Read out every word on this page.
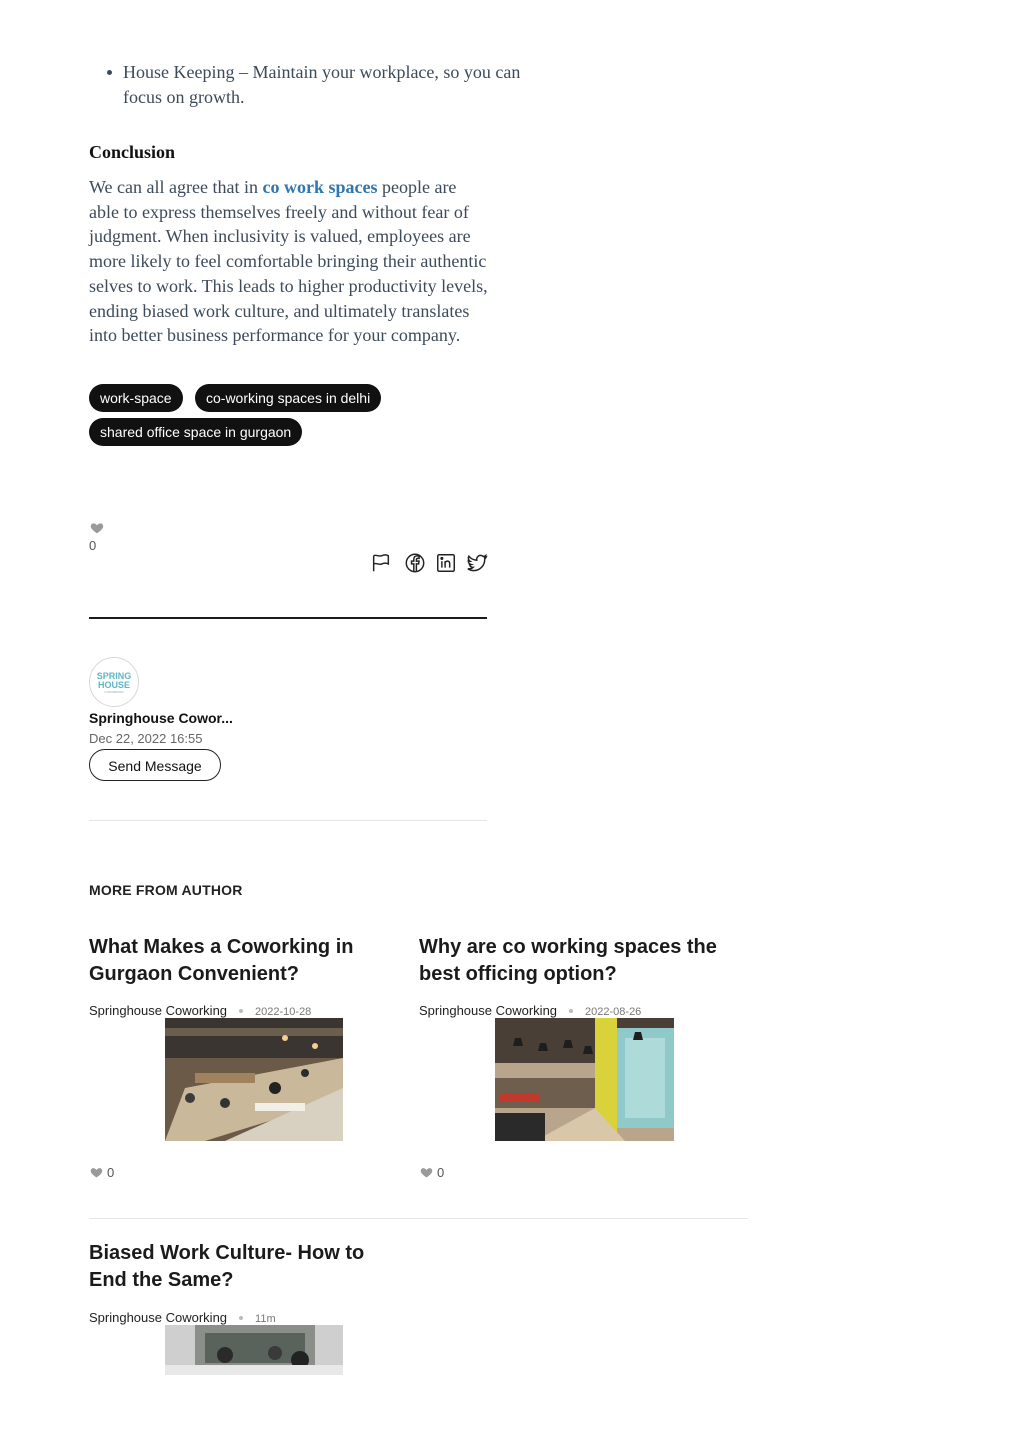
House Keeping – Maintain your workplace, so you can focus on growth.
Conclusion

We can all agree that in co work spaces people are able to express themselves freely and without fear of judgment. When inclusivity is valued, employees are more likely to feel comfortable bringing their authentic selves to work. This leads to higher productivity levels, ending biased work culture, and ultimately translates into better business performance for your company.

work-space	co-working spaces in delhi
shared office space in gurgaon
0
SPRING
HOUSE
COWORKING
Springhouse Cowor...
Dec 22, 2022 16:55
Send Message
MORE FROM AUTHOR
What Makes a Coworking in Gurgaon Convenient?
Springhouse Coworking	2022-10-28
0
Why are co working spaces the best officing option?
Springhouse Coworking	2022-08-26
0
Biased Work Culture- How to End the Same?
Springhouse Coworking	11m
